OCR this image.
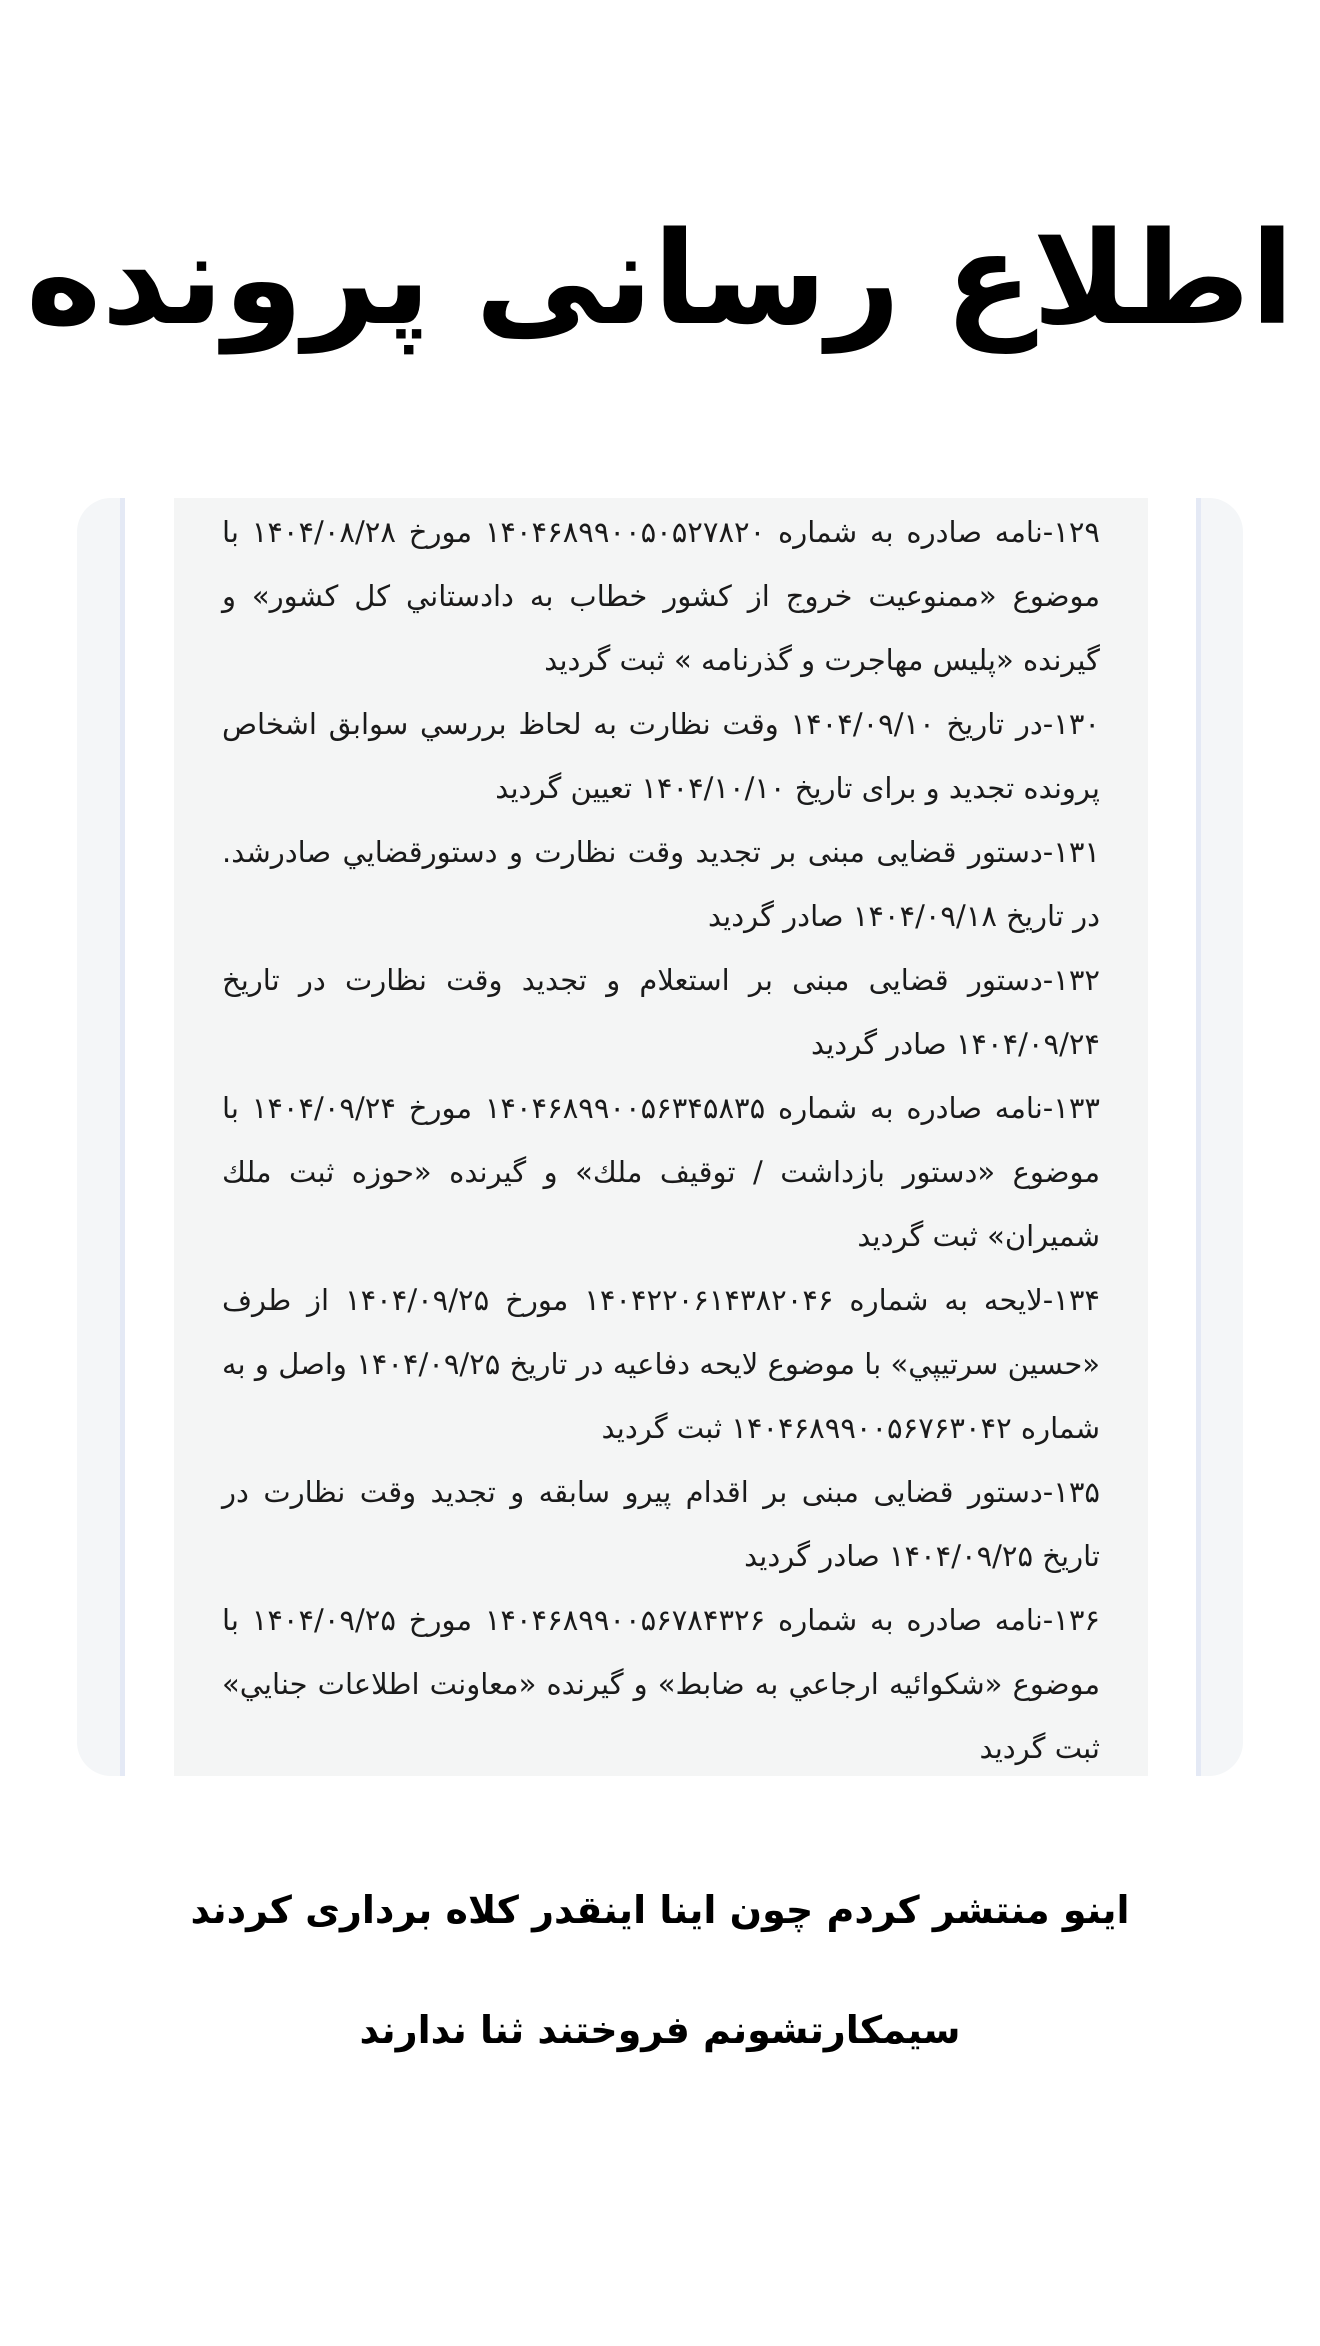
اطلاع رسانی پرونده

۱۲۹-نامه صادره به شماره ۱۴۰۴۶۸۹۹۰۰۵۰۵۲۷۸۲۰ مورخ ۱۴۰۴/۰۸/۲۸ با موضوع «ممنوعیت خروج از کشور خطاب به دادستاني كل كشور» و گیرنده «پلیس مهاجرت و گذرنامه » ثبت گردید

۱۳۰-در تاریخ ۱۴۰۴/۰۹/۱۰ وقت نظارت به لحاظ بررسي سوابق اشخاص پرونده تجدید و برای تاریخ ۱۴۰۴/۱۰/۱۰ تعیین گردید

۱۳۱-دستور قضایی مبنی بر تجدید وقت نظارت و دستورقضايي صادرشد. در تاریخ ۱۴۰۴/۰۹/۱۸ صادر گردید

۱۳۲-دستور قضایی مبنی بر استعلام و تجدید وقت نظارت در تاریخ ۱۴۰۴/۰۹/۲۴ صادر گردید

۱۳۳-نامه صادره به شماره ۱۴۰۴۶۸۹۹۰۰۵۶۳۴۵۸۳۵ مورخ ۱۴۰۴/۰۹/۲۴ با موضوع «دستور بازداشت / توقيف ملك» و گیرنده «حوزه ثبت ملك شميران» ثبت گردید

۱۳۴-لایحه به شماره ۱۴۰۴۲۲۰۶۱۴۳۸۲۰۴۶ مورخ ۱۴۰۴/۰۹/۲۵ از طرف «حسين سرتيپي» با موضوع لایحه دفاعیه در تاریخ ۱۴۰۴/۰۹/۲۵ واصل و به شماره ۱۴۰۴۶۸۹۹۰۰۵۶۷۶۳۰۴۲ ثبت گردید

۱۳۵-دستور قضایی مبنی بر اقدام پیرو سابقه و تجدید وقت نظارت در تاریخ ۱۴۰۴/۰۹/۲۵ صادر گردید

۱۳۶-نامه صادره به شماره ۱۴۰۴۶۸۹۹۰۰۵۶۷۸۴۳۲۶ مورخ ۱۴۰۴/۰۹/۲۵ با موضوع «شكوائيه ارجاعي به ضابط» و گیرنده «معاونت اطلاعات جنايي» ثبت گردید

اینو منتشر کردم چون اینا اینقدر کلاه برداری کردند
سیمکارتشونم فروختند ثنا ندارند
